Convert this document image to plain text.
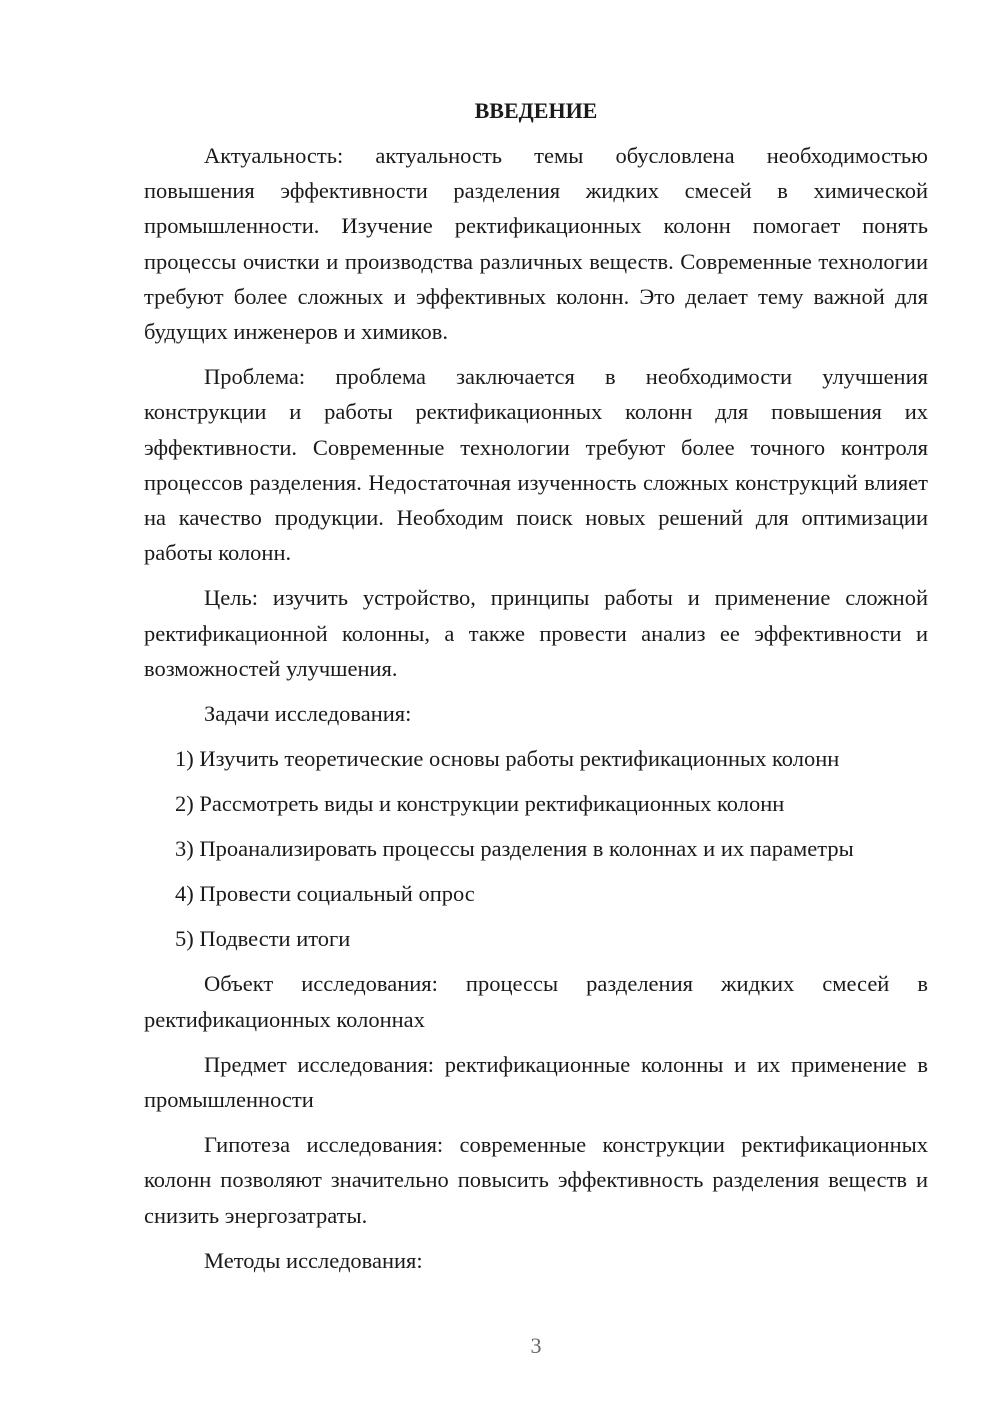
ВВЕДЕНИЕ

Актуальность: актуальность темы обусловлена необходимостью повышения эффективности разделения жидких смесей в химической промышленности. Изучение ректификационных колонн помогает понять процессы очистки и производства различных веществ. Современные технологии требуют более сложных и эффективных колонн. Это делает тему важной для будущих инженеров и химиков.

Проблема: проблема заключается в необходимости улучшения конструкции и работы ректификационных колонн для повышения их эффективности. Современные технологии требуют более точного контроля процессов разделения. Недостаточная изученность сложных конструкций влияет на качество продукции. Необходим поиск новых решений для оптимизации работы колонн.

Цель: изучить устройство, принципы работы и применение сложной ректификационной колонны, а также провести анализ ее эффективности и возможностей улучшения.

Задачи исследования:

1) Изучить теоретические основы работы ректификационных колонн
2) Рассмотреть виды и конструкции ректификационных колонн
3) Проанализировать процессы разделения в колоннах и их параметры
4) Провести социальный опрос
5) Подвести итоги

Объект исследования: процессы разделения жидких смесей в ректификационных колоннах

Предмет исследования: ректификационные колонны и их применение в промышленности

Гипотеза исследования: современные конструкции ректификационных колонн позволяют значительно повысить эффективность разделения веществ и снизить энергозатраты.

Методы исследования:

3
